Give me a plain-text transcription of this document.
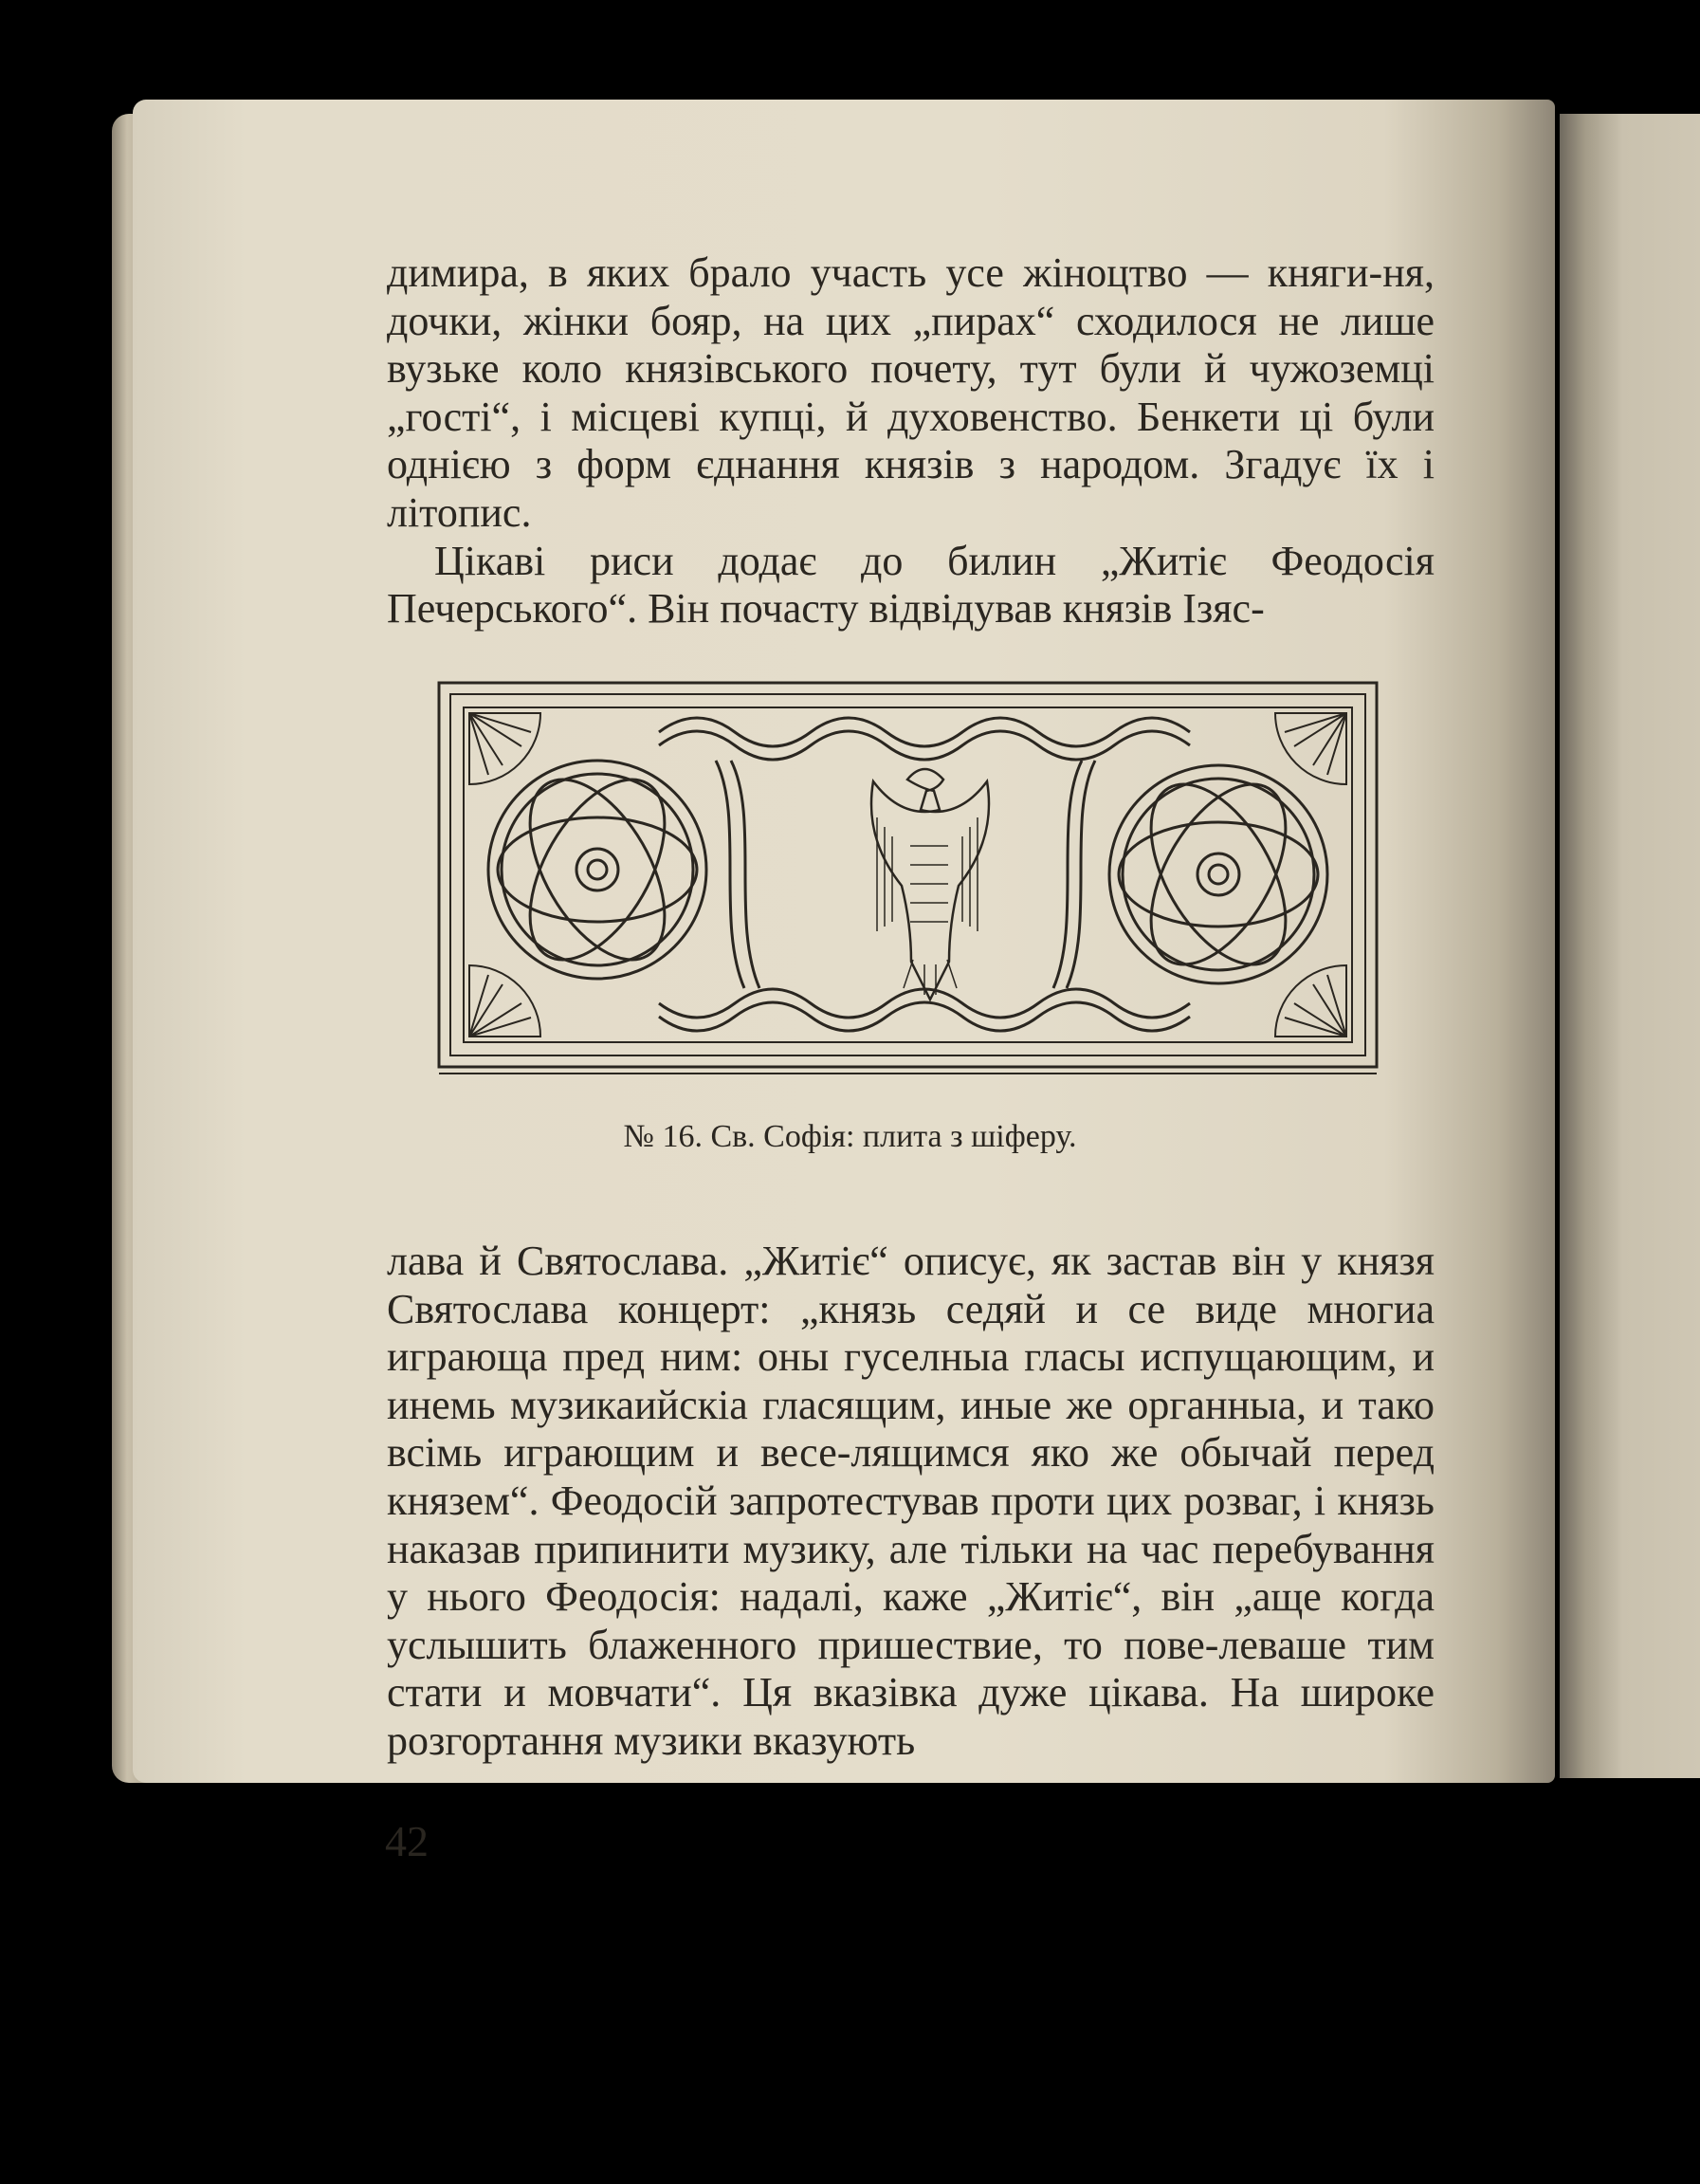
димира, в яких брало участь усе жіноцтво — княги-ня, дочки, жінки бояр, на цих „пирах“ сходилося не лише вузьке коло князівського почету, тут були й чужоземці „гості“, і місцеві купці, й духовенство. Бенкети ці були однією з форм єднання князів з народом. Згадує їх і літопис.

Цікаві риси додає до билин „Житіє Феодосія Печерського“. Він почасту відвідував князів Ізяс-

№ 16. Св. Софія: плита з шіферу.

лава й Святослава. „Житіє“ описує, як застав він у князя Святослава концерт: „князь седяй и се виде многиа играюща пред ним: оны гуселныа гласы испущающим, и инемь музикаийскіа гласящим, иные же органныа, и тако всімь играющим и весе-лящимся яко же обычай перед князем“. Феодосій запротестував проти цих розваг, і князь наказав припинити музику, але тільки на час перебування у нього Феодосія: надалі, каже „Житіє“, він „аще когда услышить блаженного пришествие, то пове-леваше тим стати и мовчати“. Ця вказівка дуже цікава. На широке розгортання музики вказують

42
